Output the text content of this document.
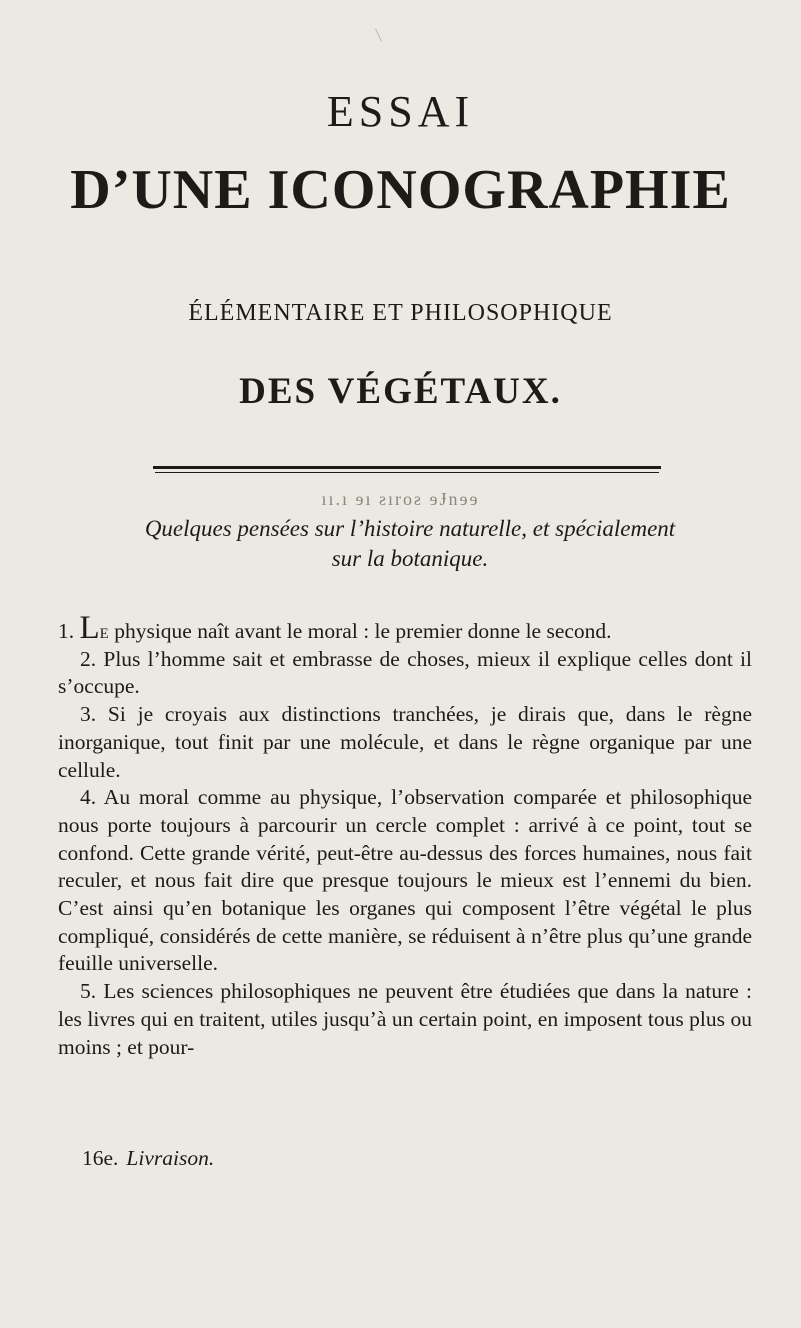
ESSAI
D’UNE ICONOGRAPHIE
ÉLÉMENTAIRE ET PHILOSOPHIQUE
DES VÉGÉTAUX.
ıı.ı ɘı ƨıroƨ ɘɈnɘɘ
Quelques pensées sur l’histoire naturelle, et spécialement
sur la botanique.

1. Le physique naît avant le moral : le premier donne le second.

2. Plus l’homme sait et embrasse de choses, mieux il explique celles dont il s’occupe.

3. Si je croyais aux distinctions tranchées, je dirais que, dans le règne inorganique, tout finit par une molécule, et dans le règne organique par une cellule.

4. Au moral comme au physique, l’observation comparée et philosophique nous porte toujours à parcourir un cercle complet : arrivé à ce point, tout se confond. Cette grande vérité, peut-être au-dessus des forces humaines, nous fait reculer, et nous fait dire que presque toujours le mieux est l’ennemi du bien. C’est ainsi qu’en botanique les organes qui composent l’être végétal le plus compliqué, considérés de cette manière, se réduisent à n’être plus qu’une grande feuille universelle.

5. Les sciences philosophiques ne peuvent être étudiées que dans la nature : les livres qui en traitent, utiles jusqu’à un certain point, en imposent tous plus ou moins ; et pour-

16e. Livraison.
